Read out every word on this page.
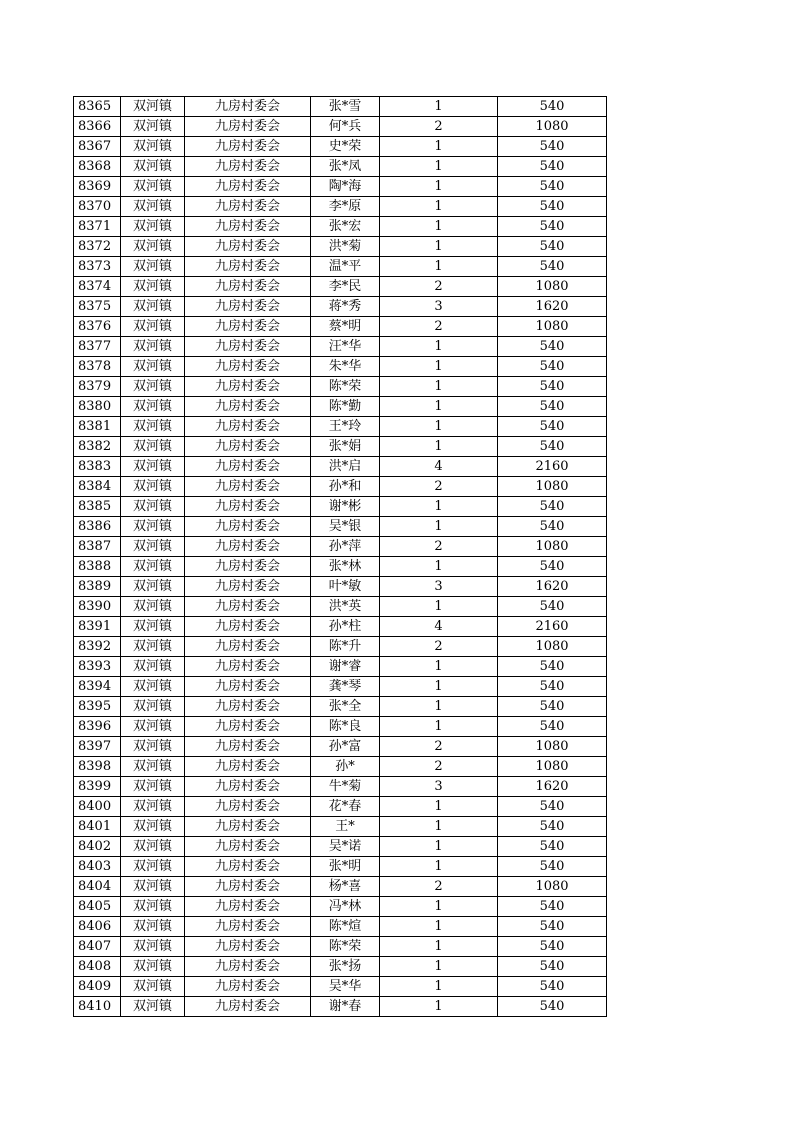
8365	双河镇	九房村委会	张*雪	1	540
8366	双河镇	九房村委会	何*兵	2	1080
8367	双河镇	九房村委会	史*荣	1	540
8368	双河镇	九房村委会	张*凤	1	540
8369	双河镇	九房村委会	陶*海	1	540
8370	双河镇	九房村委会	李*原	1	540
8371	双河镇	九房村委会	张*宏	1	540
8372	双河镇	九房村委会	洪*菊	1	540
8373	双河镇	九房村委会	温*平	1	540
8374	双河镇	九房村委会	李*民	2	1080
8375	双河镇	九房村委会	蒋*秀	3	1620
8376	双河镇	九房村委会	蔡*明	2	1080
8377	双河镇	九房村委会	汪*华	1	540
8378	双河镇	九房村委会	朱*华	1	540
8379	双河镇	九房村委会	陈*荣	1	540
8380	双河镇	九房村委会	陈*勤	1	540
8381	双河镇	九房村委会	王*玲	1	540
8382	双河镇	九房村委会	张*娟	1	540
8383	双河镇	九房村委会	洪*启	4	2160
8384	双河镇	九房村委会	孙*和	2	1080
8385	双河镇	九房村委会	谢*彬	1	540
8386	双河镇	九房村委会	吴*银	1	540
8387	双河镇	九房村委会	孙*萍	2	1080
8388	双河镇	九房村委会	张*林	1	540
8389	双河镇	九房村委会	叶*敏	3	1620
8390	双河镇	九房村委会	洪*英	1	540
8391	双河镇	九房村委会	孙*柱	4	2160
8392	双河镇	九房村委会	陈*升	2	1080
8393	双河镇	九房村委会	谢*睿	1	540
8394	双河镇	九房村委会	龚*琴	1	540
8395	双河镇	九房村委会	张*全	1	540
8396	双河镇	九房村委会	陈*良	1	540
8397	双河镇	九房村委会	孙*富	2	1080
8398	双河镇	九房村委会	孙*	2	1080
8399	双河镇	九房村委会	牛*菊	3	1620
8400	双河镇	九房村委会	花*春	1	540
8401	双河镇	九房村委会	王*	1	540
8402	双河镇	九房村委会	吴*诺	1	540
8403	双河镇	九房村委会	张*明	1	540
8404	双河镇	九房村委会	杨*喜	2	1080
8405	双河镇	九房村委会	冯*林	1	540
8406	双河镇	九房村委会	陈*煊	1	540
8407	双河镇	九房村委会	陈*荣	1	540
8408	双河镇	九房村委会	张*扬	1	540
8409	双河镇	九房村委会	吴*华	1	540
8410	双河镇	九房村委会	谢*春	1	540
